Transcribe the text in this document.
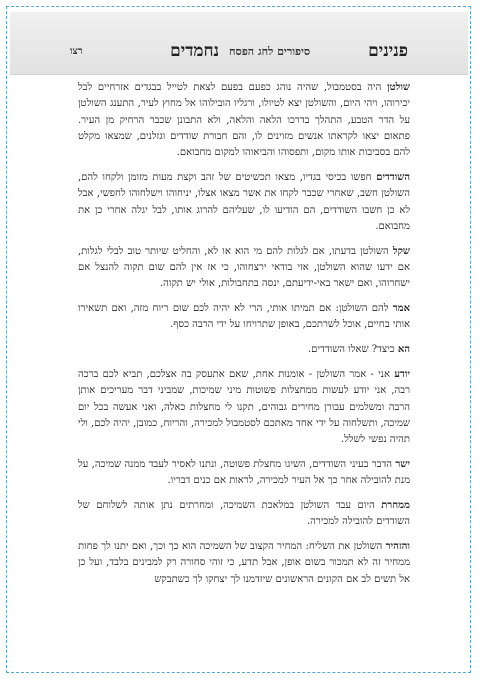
פנינים
סיפורים לחג הפסח
נחמדים
רצו

שולטן היה בסטמבול, שהיה נוהג כפעם בפעם לצאת לטייל בבגדים אזרחיים לבל יכירוהו, ויהי היום, והשולטן יצא לטיולו, ורגליו הובילוהו אל מחוץ לעיר, התענג השולטן על הדר הטבע, התהלך בדרכו הלאה והלאה, ולא התבונן שכבר הרחיק מן העיר. פתאום יצאו לקראתו אנשים מזוינים לו, והם חבורת שודדים וגזלנים, שמצאו מקלט להם בסביבות אותו מקום, ותפסוהו והביאוהו למקום מחבואם.

השודדים חפשו בכיסי בגדיו, מצאו תכשיטים של זהב וקצת מעות מזומן ולקחו להם, השולטן חשב, שאחרי שכבר לקחו את אשר מצאו אצלו, יניחוהו וישלחוהו לחפשי, אבל לא כן חשבו השודדים, הם הודיעו לו, שעליהם להרוג אותו, לבל יגלה אחרי כן את מחבואם.

שקל השולטן בדעתו, אם לגלות להם מי הוא או לא, והחליט שיותר טוב לבלי לגלות, אם ידעו שהוא השולטן, אזי בודאי ירצחוהו, כי אז אין להם שום תקוה להנצל אם ישחרוהו, ואם ישאר באי-ידיעתם, ינסה בתחבולות, אולי יש תקוה.

אמר להם השולטן: אם תמיתו אותי, הרי לא יהיה לכם שום ריוח מזה, ואם תשאירו אותי בחיים, אוכל לשרתכם, באופן שתרויחו על ידי הרבה כסף.

הא כיצד? שאלו השודדים.

יודע אני - אמר השולטן - אומנות אחת, שאם אתעסק בה אצלכם, תביא לכם ברכה רבה, אני יודע לעשות ממחצלות פשוטות מיני שמיכות, שמביני דבר מעריכים אותן הרבה ומשלמים עבורן מחירים גבוהים, תקנו לי מחצלות כאלה, ואני אעשה בכל יום שמיכה, ותשלחוה על ידי אחד מאתכם לסטמבול למכירה, והריוח, כמובן, יהיה לכם, ולי תהיה נפשי לשלל.

ישר הדבר בעיני השודדים, השיגו מחצלת פשוטה, ונתנו לאסיר לעבד ממנה שמיכה, על מנת להובילה אחר כך אל העיר למכירה, לראות אם כנים דבריו.

ממחרת היום עבד השולטן במלאכת השמיכה, ומחרתים נתן אותה לשלוחם של השודדים להובילה למכירה.

והזהיר השולטן את השליח: המחיר הקצוב של השמיכה הוא כך וכך, ואם יתנו לך פחות ממחיר זה לא תמכור בשום אופן, אבל תדע, כי זוהי סחורה רק למבינים בלבד, ועל כן אל תשים לב אם הקונים הראשונים שיזדמנו לך יצחקו לך כשתבקש
